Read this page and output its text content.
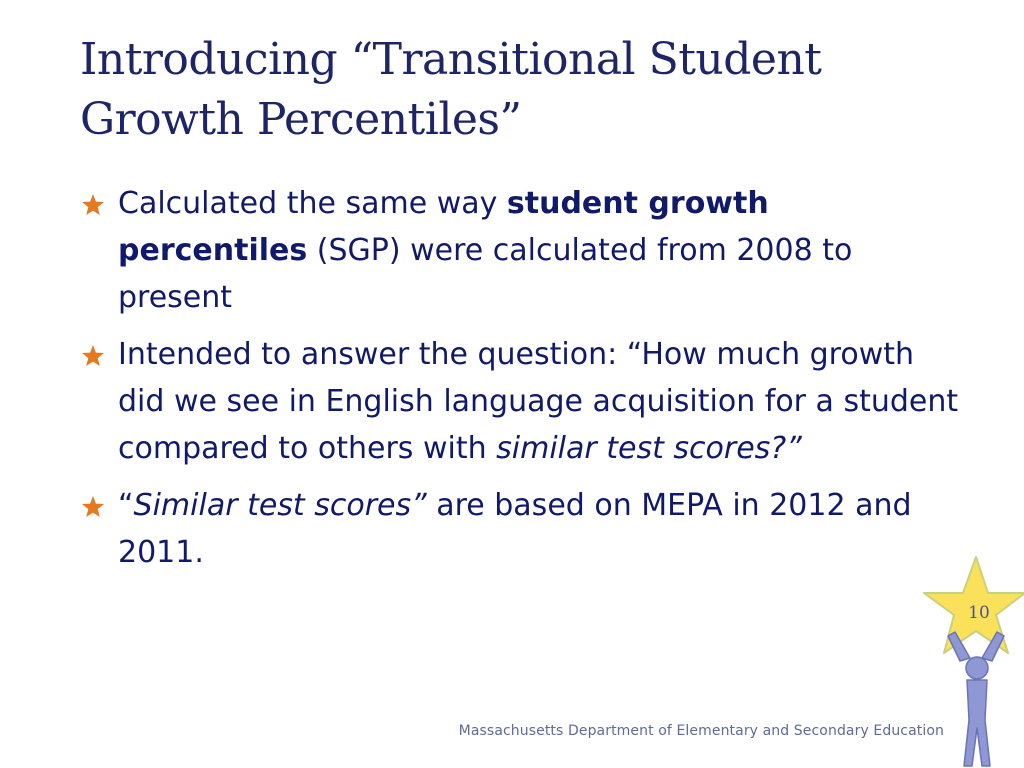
Introducing “Transitional Student
Growth Percentiles”
Calculated the same way student growth percentiles (SGP) were calculated from 2008 to present
Intended to answer the question: “How much growth did we see in English language acquisition for a student compared to others with similar test scores?”
“Similar test scores” are based on MEPA in 2012 and 2011.
10
Massachusetts Department of Elementary and Secondary Education
